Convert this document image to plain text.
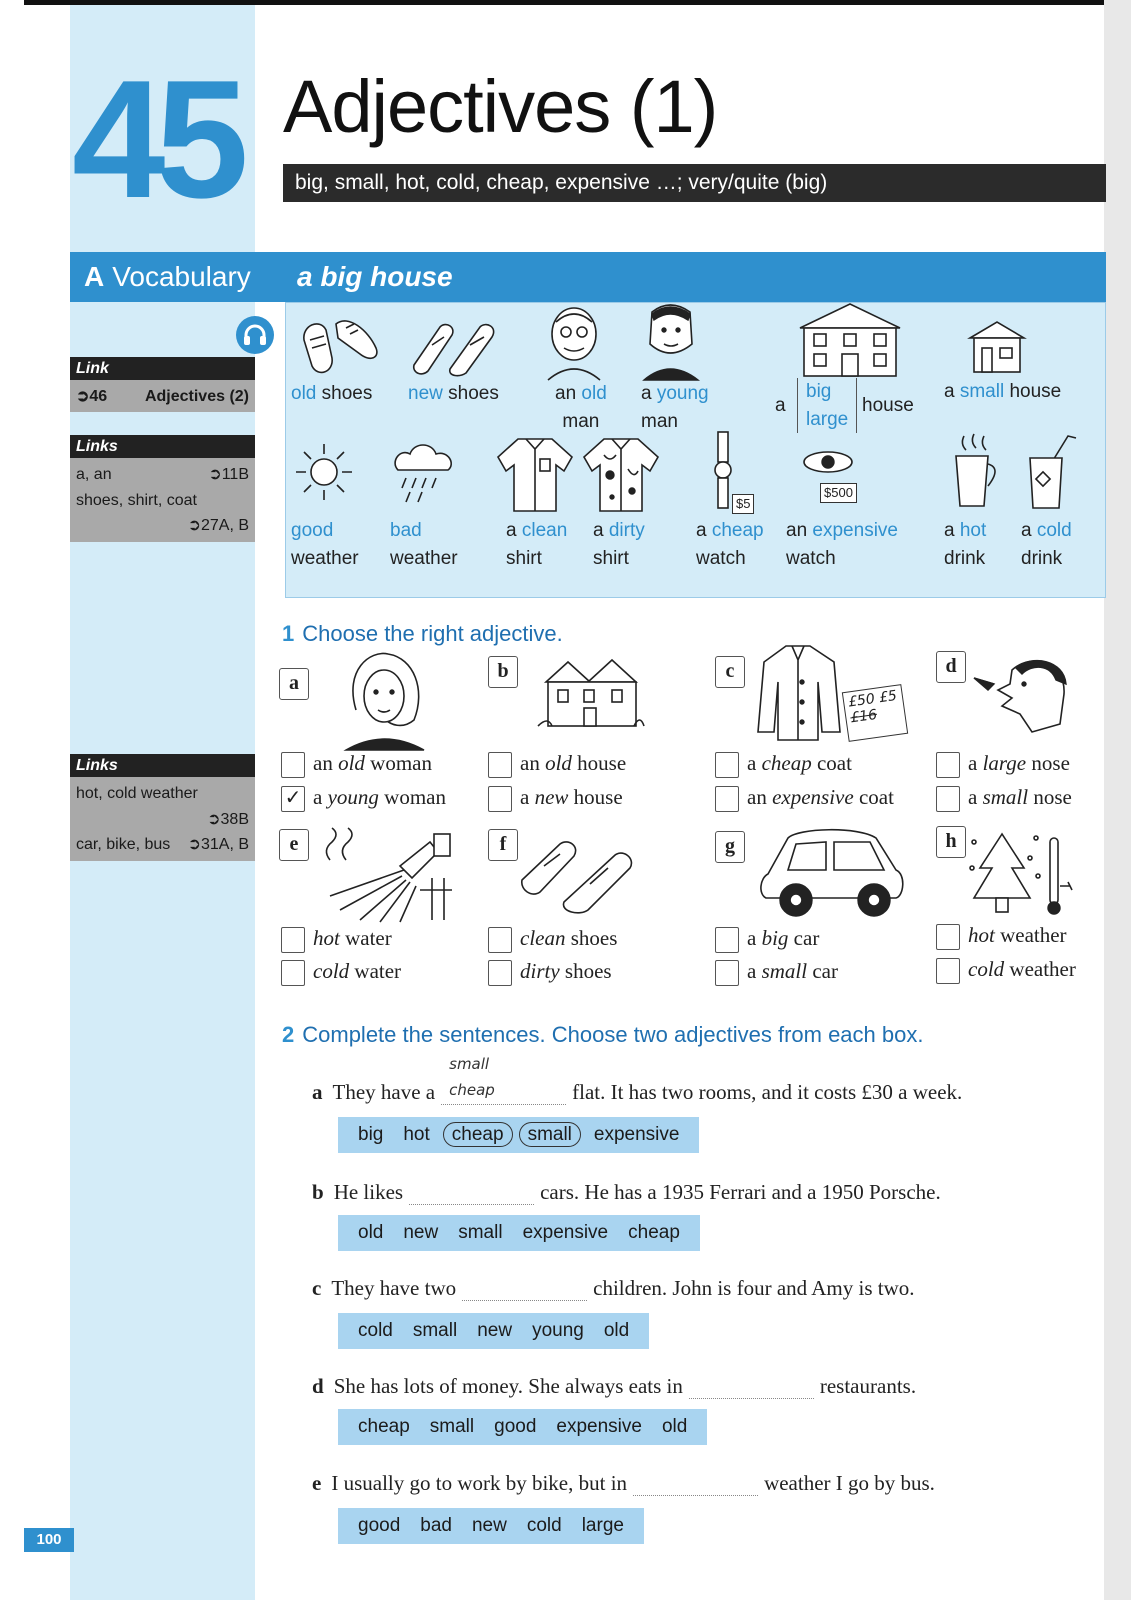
45 Adjectives (1)
big, small, hot, cold, cheap, expensive …; very/quite (big)
A Vocabulary	a big house
Link
➲46 Adjectives (2)
Links
a, an	➲11B
shoes, shirt, coat
➲27A, B
Links
hot, cold weather
➲38B
car, bike, bus ➲31A, B
old shoes new shoes	an old
man
a young
man
a
big
large
house
a small house
good
weather
bad
weather
a clean
shirt
a dirty
shirt
$5
a cheap
watch
$500
an expensive
watch
a hot
drink
a cold
drink
1 Choose the right adjective.
a
an old woman
✓ a young woman
b
an old house
a new house
c
£50 £5
£16
a cheap coat
an expensive coat
d
a large nose
a small nose
e
hot water
cold water
f
clean shoes
dirty shoes
g
a big car
a small car
h
hot weather
cold weather
2 Complete the sentences. Choose two adjectives from each box.
a They have a
small
cheap	flat. It has two rooms, and it costs £30 a week.
big hot cheap small expensive
b He likes	cars. He has a 1935 Ferrari and a 1950 Porsche.
old new small expensive cheap
c They have two	children. John is four and Amy is two.
cold small new young old
d She has lots of money. She always eats in	restaurants.
cheap small good expensive old
e I usually go to work by bike, but in	weather I go by bus.
good bad new cold large
100
